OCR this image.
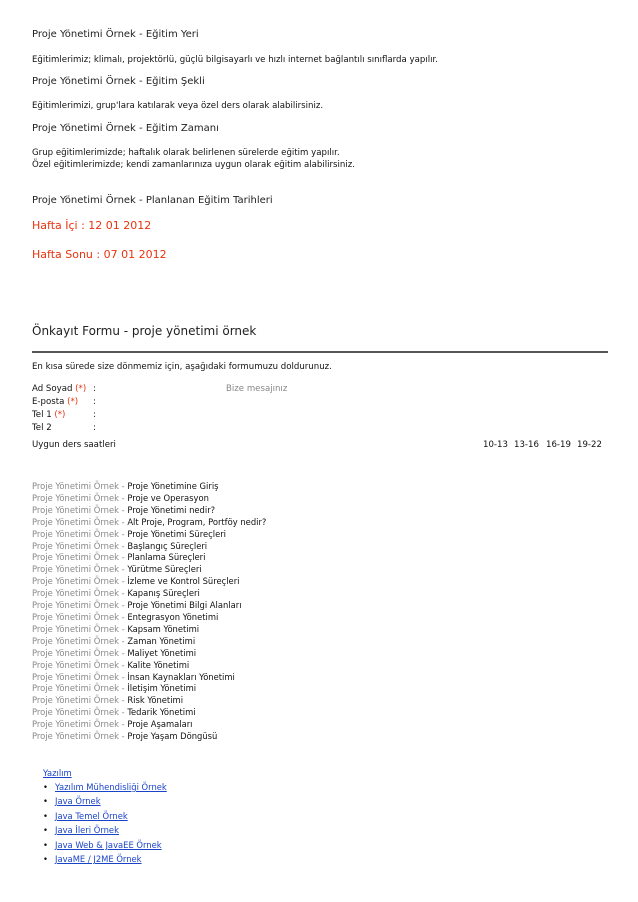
Proje Yönetimi Örnek - Eğitim Yeri
Eğitimlerimiz; klimalı, projektörlü, güçlü bilgisayarlı ve hızlı internet bağlantılı sınıflarda yapılır.
Proje Yönetimi Örnek - Eğitim Şekli
Eğitimlerimizi, grup'lara katılarak veya özel ders olarak alabilirsiniz.
Proje Yönetimi Örnek - Eğitim Zamanı
Grup eğitimlerimizde; haftalık olarak belirlenen sürelerde eğitim yapılır.
Özel eğitimlerimizde; kendi zamanlarınıza uygun olarak eğitim alabilirsiniz.
Proje Yönetimi Örnek - Planlanan Eğitim Tarihleri
Hafta İçi : 12 01 2012
Hafta Sonu : 07 01 2012
Önkayıt Formu - proje yönetimi örnek
En kısa sürede size dönmemiz için, aşağıdaki formumuzu doldurunuz.
Ad Soyad (*) :
E-posta (*) :
Tel 1 (*)	:
Tel 2	:
Bize mesajınız
Uygun ders saatleri	10-13 13-16 16-19 19-22
Proje Yönetimi Örnek - Proje Yönetimine Giriş
Proje Yönetimi Örnek - Proje ve Operasyon
Proje Yönetimi Örnek - Proje Yönetimi nedir?
Proje Yönetimi Örnek - Alt Proje, Program, Portföy nedir?
Proje Yönetimi Örnek - Proje Yönetimi Süreçleri
Proje Yönetimi Örnek - Başlangıç Süreçleri
Proje Yönetimi Örnek - Planlama Süreçleri
Proje Yönetimi Örnek - Yürütme Süreçleri
Proje Yönetimi Örnek - İzleme ve Kontrol Süreçleri
Proje Yönetimi Örnek - Kapanış Süreçleri
Proje Yönetimi Örnek - Proje Yönetimi Bilgi Alanları
Proje Yönetimi Örnek - Entegrasyon Yönetimi
Proje Yönetimi Örnek - Kapsam Yönetimi
Proje Yönetimi Örnek - Zaman Yönetimi
Proje Yönetimi Örnek - Maliyet Yönetimi
Proje Yönetimi Örnek - Kalite Yönetimi
Proje Yönetimi Örnek - İnsan Kaynakları Yönetimi
Proje Yönetimi Örnek - İletişim Yönetimi
Proje Yönetimi Örnek - Risk Yönetimi
Proje Yönetimi Örnek - Tedarik Yönetimi
Proje Yönetimi Örnek - Proje Aşamaları
Proje Yönetimi Örnek - Proje Yaşam Döngüsü
Yazılım
• Yazılım Mühendisliği Örnek
• Java Örnek
• Java Temel Örnek
• Java İleri Örnek
• Java Web & JavaEE Örnek
• JavaME / J2ME Örnek
